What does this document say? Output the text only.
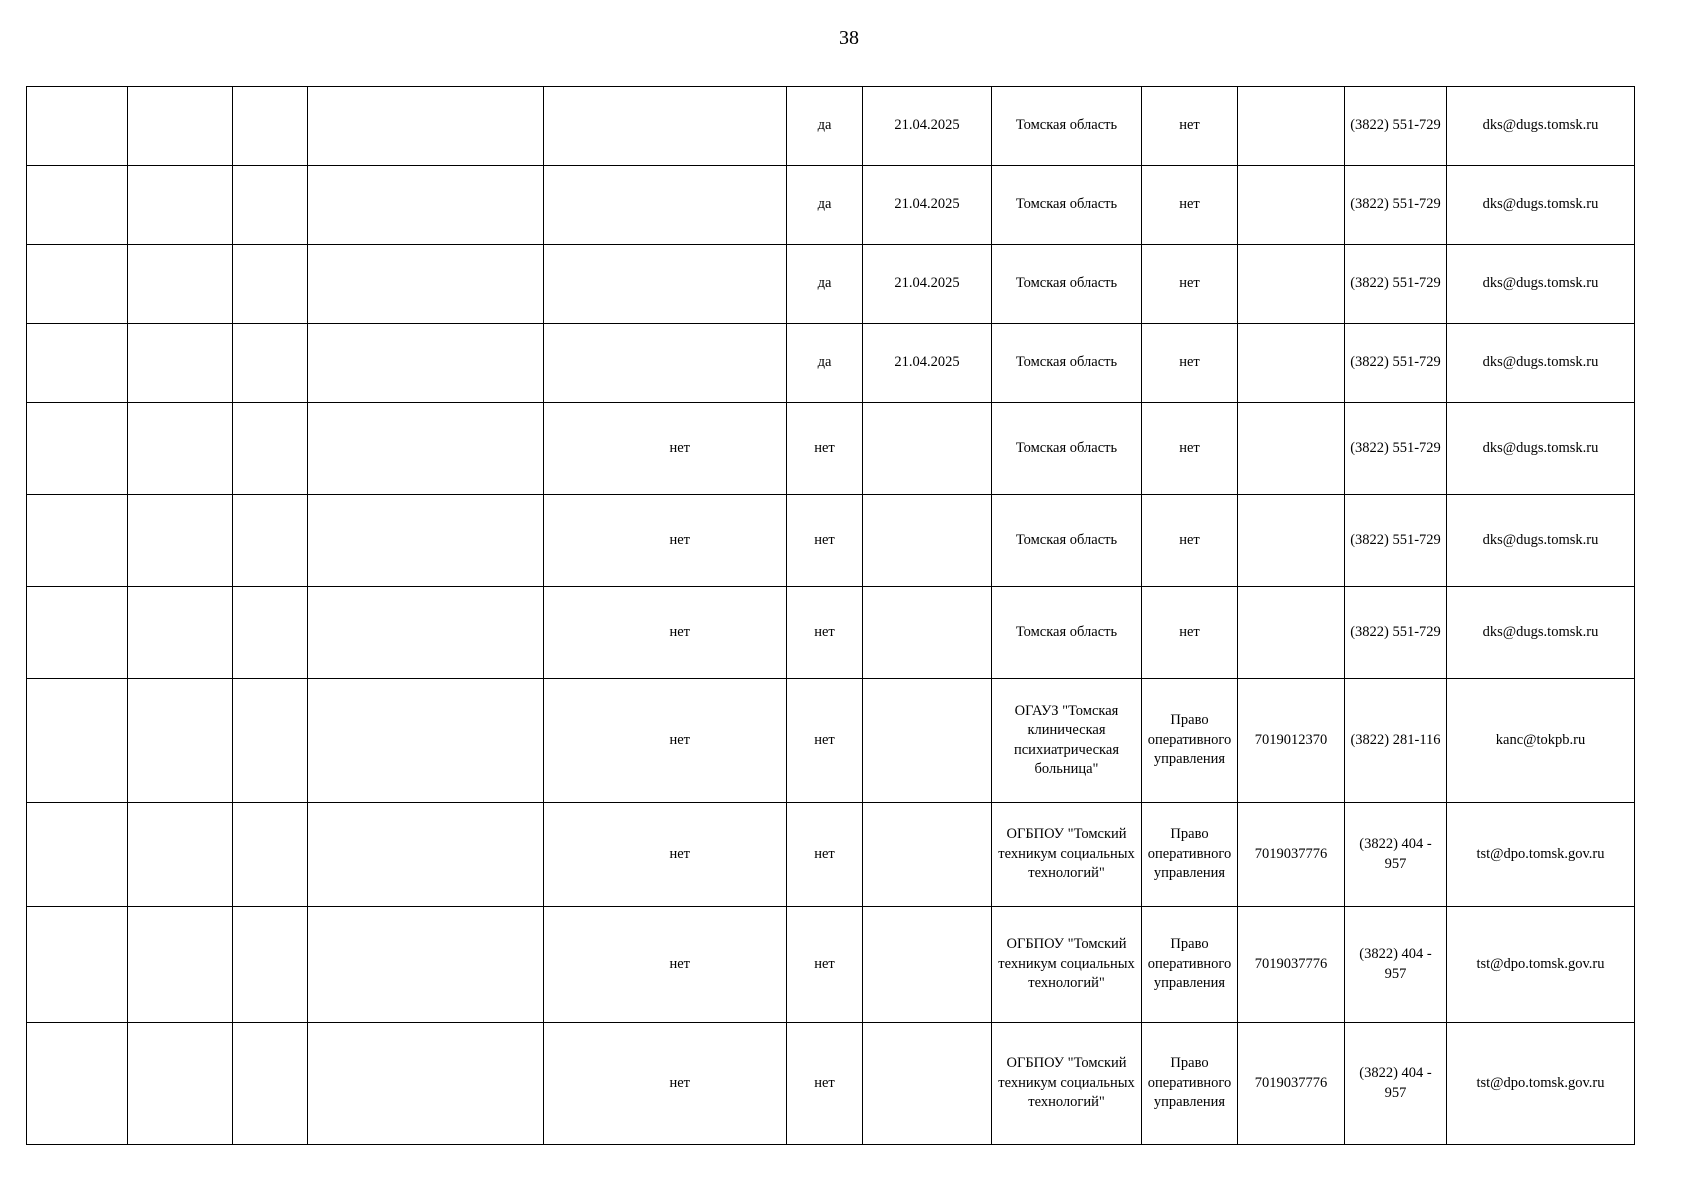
38
					да	21.04.2025	Томская область	нет		(3822) 551-729	dks@dugs.tomsk.ru
					да	21.04.2025	Томская область	нет		(3822) 551-729	dks@dugs.tomsk.ru
					да	21.04.2025	Томская область	нет		(3822) 551-729	dks@dugs.tomsk.ru
					да	21.04.2025	Томская область	нет		(3822) 551-729	dks@dugs.tomsk.ru
				нет	нет		Томская область	нет		(3822) 551-729	dks@dugs.tomsk.ru
				нет	нет		Томская область	нет		(3822) 551-729	dks@dugs.tomsk.ru
				нет	нет		Томская область	нет		(3822) 551-729	dks@dugs.tomsk.ru
				нет	нет		ОГАУЗ "Томская клиническая психиатрическая больница"	Право оперативного управления	7019012370	(3822) 281-116	kanc@tokpb.ru
				нет	нет		ОГБПОУ "Томский техникум социальных технологий"	Право оперативного управления	7019037776	(3822) 404 - 957	tst@dpo.tomsk.gov.ru
				нет	нет		ОГБПОУ "Томский техникум социальных технологий"	Право оперативного управления	7019037776	(3822) 404 - 957	tst@dpo.tomsk.gov.ru
				нет	нет		ОГБПОУ "Томский техникум социальных технологий"	Право оперативного управления	7019037776	(3822) 404 - 957	tst@dpo.tomsk.gov.ru
